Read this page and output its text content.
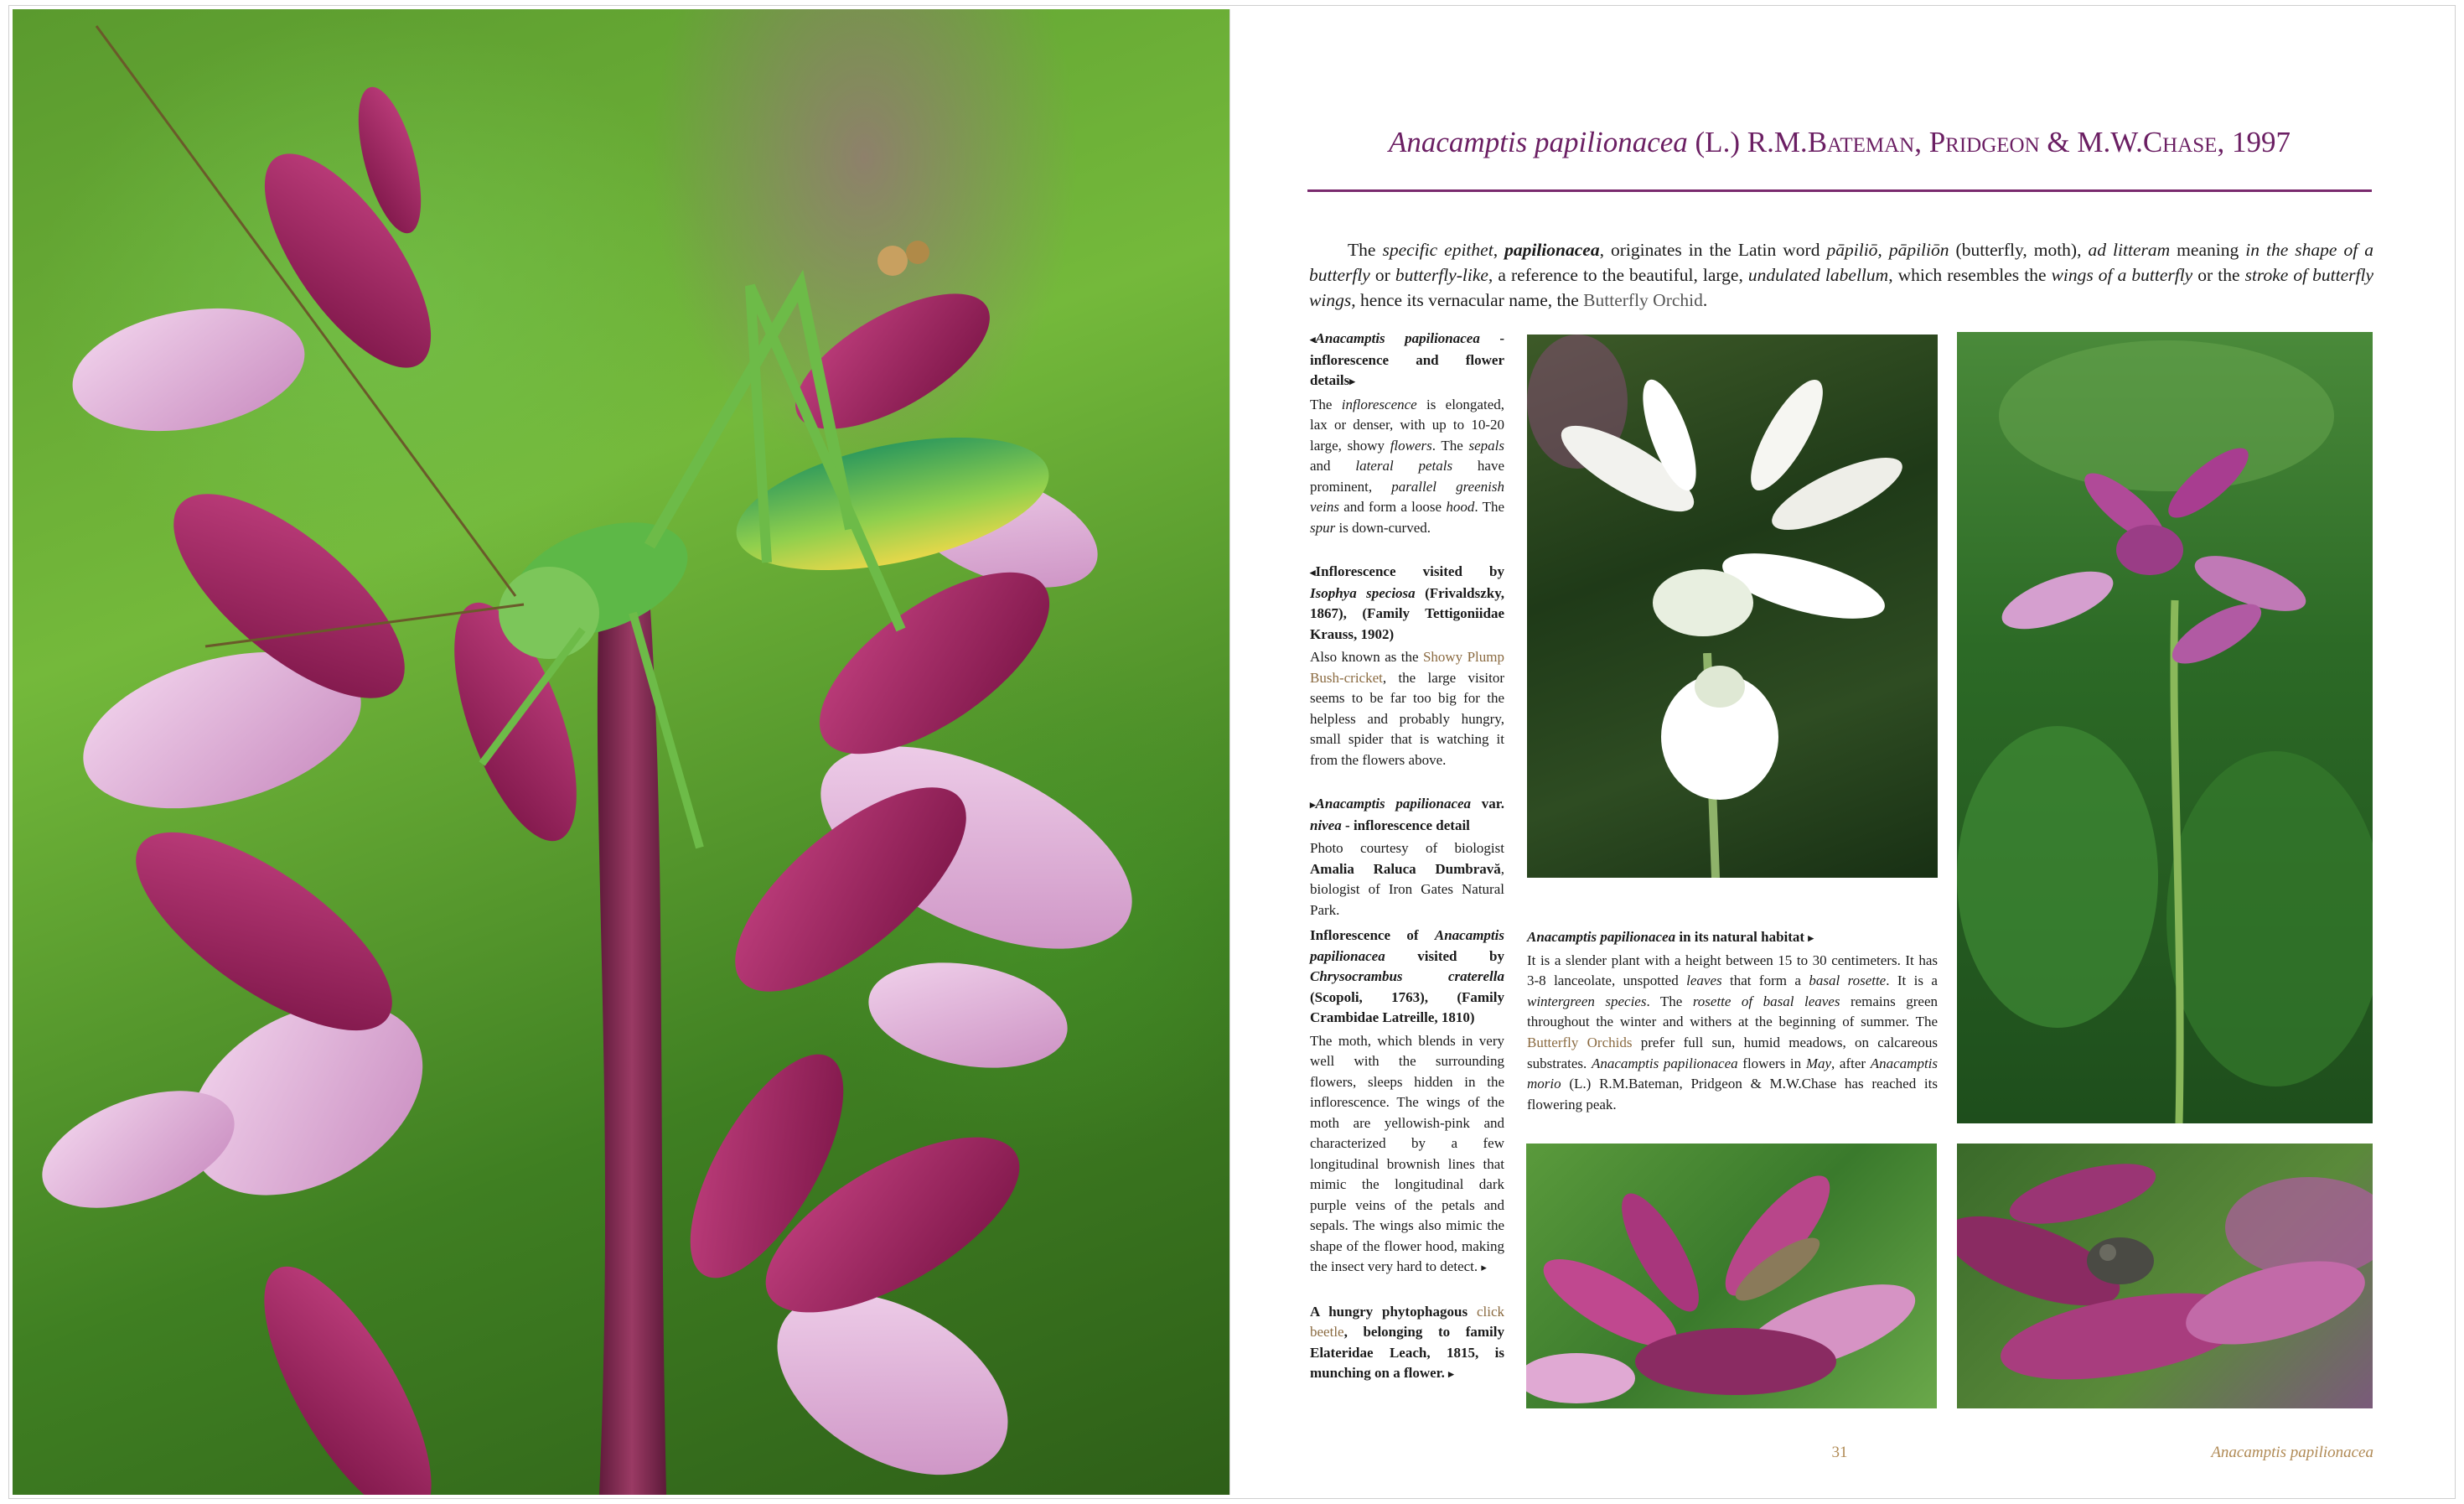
Anacamptis papilionacea (L.) R.M.Bateman, Pridgeon & M.W.Chase, 1997

The specific epithet, papilionacea, originates in the Latin word pāpiliō, pāpiliōn (butterfly, moth), ad litteram meaning in the shape of a butterfly or butterfly-like, a reference to the beautiful, large, undulated labellum, which resembles the wings of a butterfly or the stroke of butterfly wings, hence its vernacular name, the Butterfly Orchid.

◂Anacamptis papilionacea - inflorescence and flower details▸

The inflorescence is elongated, lax or denser, with up to 10-20 large, showy flowers. The sepals and lateral petals have prominent, parallel greenish veins and form a loose hood. The spur is down-curved.

◂Inflorescence visited by Isophya speciosa (Frivaldszky, 1867), (Family Tettigoniidae Krauss, 1902)

Also known as the Showy Plump Bush-cricket, the large visitor seems to be far too big for the helpless and probably hungry, small spider that is watching it from the flowers above.

▸Anacamptis papilionacea var. nivea - inflorescence detail

Photo courtesy of biologist Amalia Raluca Dumbravă, biologist of Iron Gates Natural Park.

Inflorescence of Anacamptis papilionacea visited by Chrysocrambus craterella (Scopoli, 1763), (Family Crambidae Latreille, 1810)

The moth, which blends in very well with the surrounding flowers, sleeps hidden in the inflorescence. The wings of the moth are yellowish-pink and characterized by a few longitudinal brownish lines that mimic the longitudinal dark purple veins of the petals and sepals. The wings also mimic the shape of the flower hood, making the insect very hard to detect. ▸

A hungry phytophagous click beetle, belonging to family Elateridae Leach, 1815, is munching on a flower. ▸

Anacamptis papilionacea in its natural habitat ▸

It is a slender plant with a height between 15 to 30 centimeters. It has 3-8 lanceolate, unspotted leaves that form a basal rosette. It is a wintergreen species. The rosette of basal leaves remains green throughout the winter and withers at the beginning of summer. The Butterfly Orchids prefer full sun, humid meadows, on calcareous substrates. Anacamptis papilionacea flowers in May, after Anacamptis morio (L.) R.M.Bateman, Pridgeon & M.W.Chase has reached its flowering peak.

31	Anacamptis papilionacea
